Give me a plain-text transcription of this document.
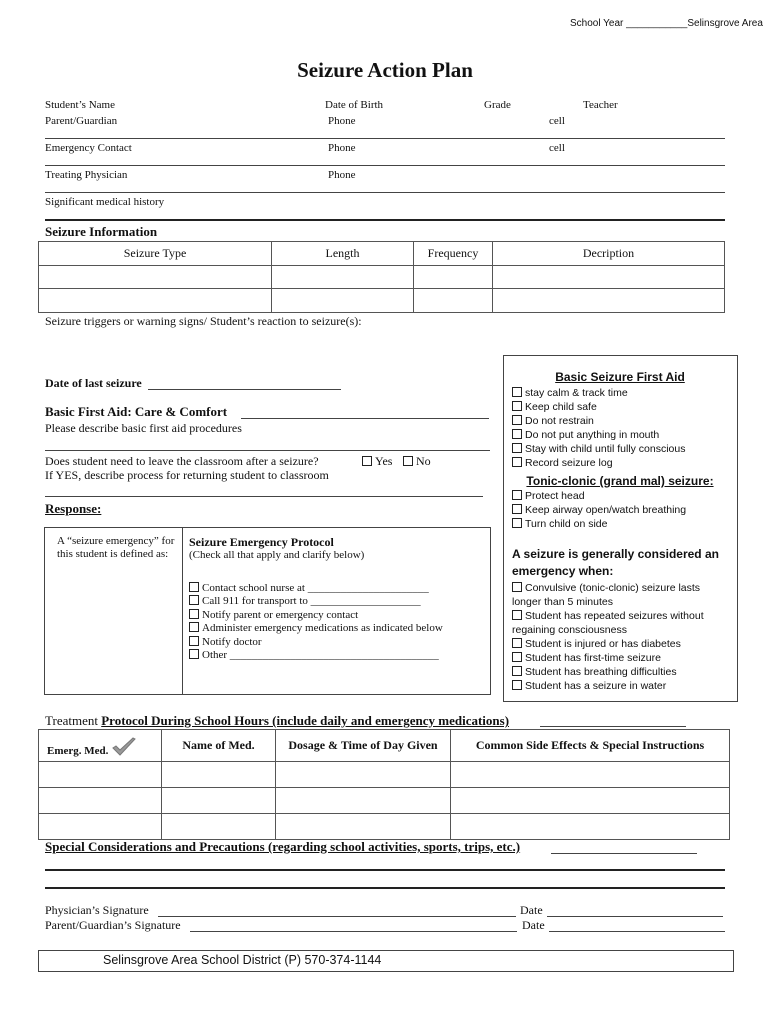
School Year ___________Selinsgrove Area
Seizure Action Plan
Student’s Name	Date of Birth	Grade	Teacher
Parent/Guardian	Phone	cell
Emergency Contact	Phone	cell
Treating Physician	Phone
Significant medical history
Seizure Information
Seizure Type	Length	Frequency	Decription

Seizure triggers or warning signs/ Student’s reaction to seizure(s):
Date of last seizure
Basic First Aid: Care & Comfort
Please describe basic first aid procedures
Does student need to leave the classroom after a seizure?	Yes	No
If YES, describe process for returning student to classroom
Response:
A “seizure emergency” for this student is defined as:
Seizure Emergency Protocol
(Check all that apply and clarify below)
Contact school nurse at ______________________
Call 911 for transport to ____________________
Notify parent or emergency contact
Administer emergency medications as indicated below
Notify doctor
Other ______________________________________
Basic Seizure First Aid
stay calm & track time
Keep child safe
Do not restrain
Do not put anything in mouth
Stay with child until fully conscious
Record seizure log
Tonic-clonic (grand mal) seizure:
Protect head
Keep airway open/watch breathing
Turn child on side
A seizure is generally considered an emergency when:
Convulsive (tonic-clonic) seizure lasts longer than 5 minutes
Student has repeated seizures without regaining consciousness
Student is injured or has diabetes
Student has first-time seizure
Student has breathing difficulties
Student has a seizure in water
Treatment Protocol During School Hours (include daily and emergency medications)
Emerg. Med.	Name of Med.	Dosage & Time of Day Given	Common Side Effects & Special Instructions

Special Considerations and Precautions (regarding school activities, sports, trips, etc.)
Physician’s Signature	Date
Parent/Guardian’s Signature	Date
Selinsgrove Area School District (P) 570-374-1144
